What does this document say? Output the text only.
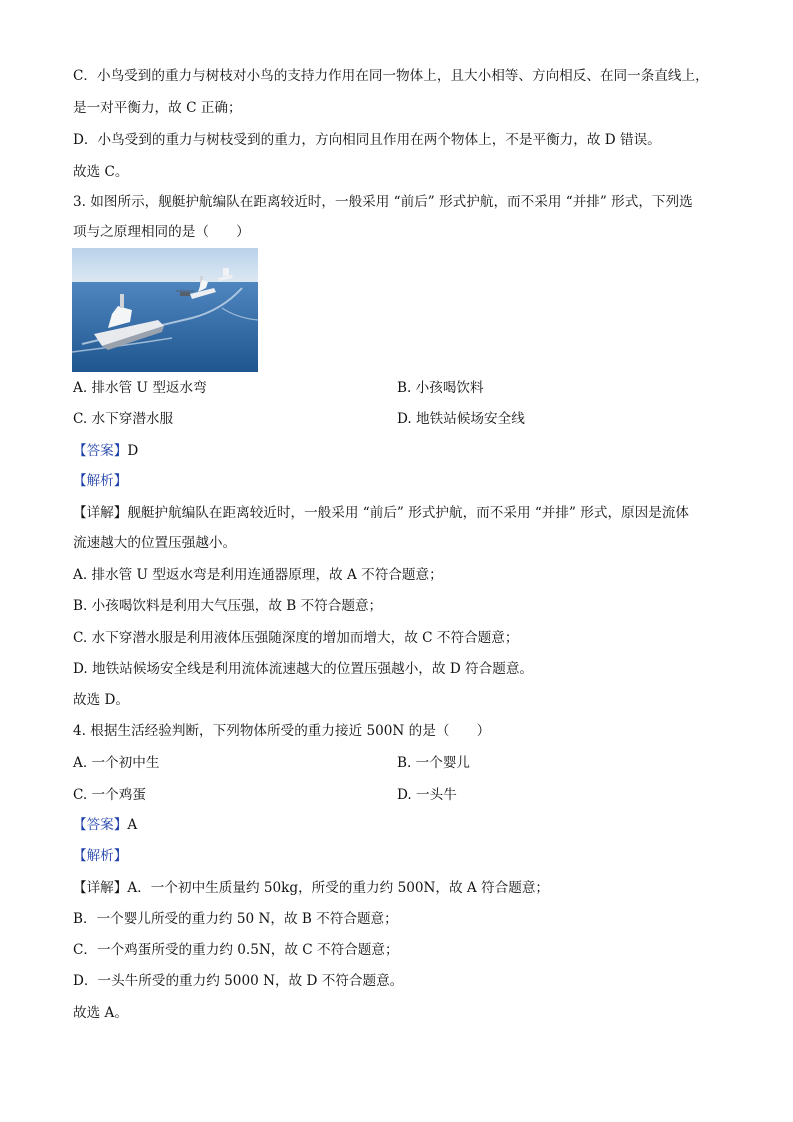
C．小鸟受到的重力与树枝对小鸟的支持力作用在同一物体上，且大小相等、方向相反、在同一条直线上，
是一对平衡力，故 C 正确；
D．小鸟受到的重力与树枝受到的重力，方向相同且作用在两个物体上，不是平衡力，故 D 错误。
故选 C。
3. 如图所示，舰艇护航编队在距离较近时，一般采用 “前后” 形式护航，而不采用 “并排” 形式，下列选
项与之原理相同的是（　　）
A. 排水管 U 型返水弯	B. 小孩喝饮料
C. 水下穿潜水服	D. 地铁站候场安全线
【答案】D
【解析】
【详解】舰艇护航编队在距离较近时，一般采用 “前后” 形式护航，而不采用 “并排” 形式，原因是流体
流速越大的位置压强越小。
A. 排水管 U 型返水弯是利用连通器原理，故 A 不符合题意；
B. 小孩喝饮料是利用大气压强，故 B 不符合题意；
C. 水下穿潜水服是利用液体压强随深度的增加而增大，故 C 不符合题意；
D. 地铁站候场安全线是利用流体流速越大的位置压强越小，故 D 符合题意。
故选 D。
4. 根据生活经验判断，下列物体所受的重力接近 500N 的是（　　）
A. 一个初中生	B. 一个婴儿
C. 一个鸡蛋	D. 一头牛
【答案】A
【解析】
【详解】A．一个初中生质量约 50kg，所受的重力约 500N，故 A 符合题意；
B．一个婴儿所受的重力约 50 N，故 B 不符合题意；
C．一个鸡蛋所受的重力约 0.5N，故 C 不符合题意；
D．一头牛所受的重力约 5000 N，故 D 不符合题意。
故选 A。
